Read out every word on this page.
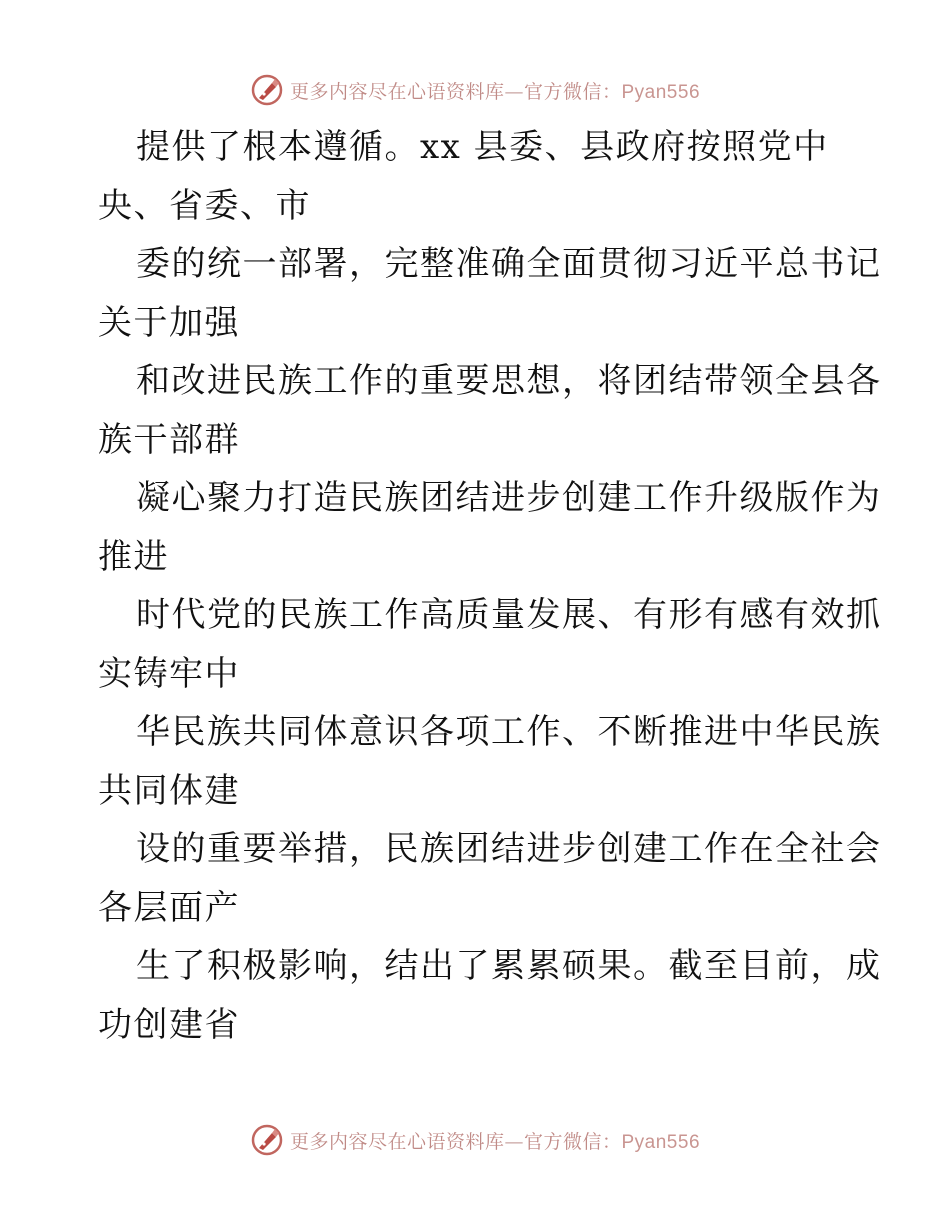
更多内容尽在心语资料库—官方微信：Pyan556
提供了根本遵循。xx 县委、县政府按照党中
央、省委、市
委的统一部署，完整准确全面贯彻习近平总书记
关于加强
和改进民族工作的重要思想，将团结带领全县各
族干部群
凝心聚力打造民族团结进步创建工作升级版作为
推进
时代党的民族工作高质量发展、有形有感有效抓
实铸牢中
华民族共同体意识各项工作、不断推进中华民族
共同体建
设的重要举措，民族团结进步创建工作在全社会
各层面产
生了积极影响，结出了累累硕果。截至目前，成
功创建省
更多内容尽在心语资料库—官方微信：Pyan556
